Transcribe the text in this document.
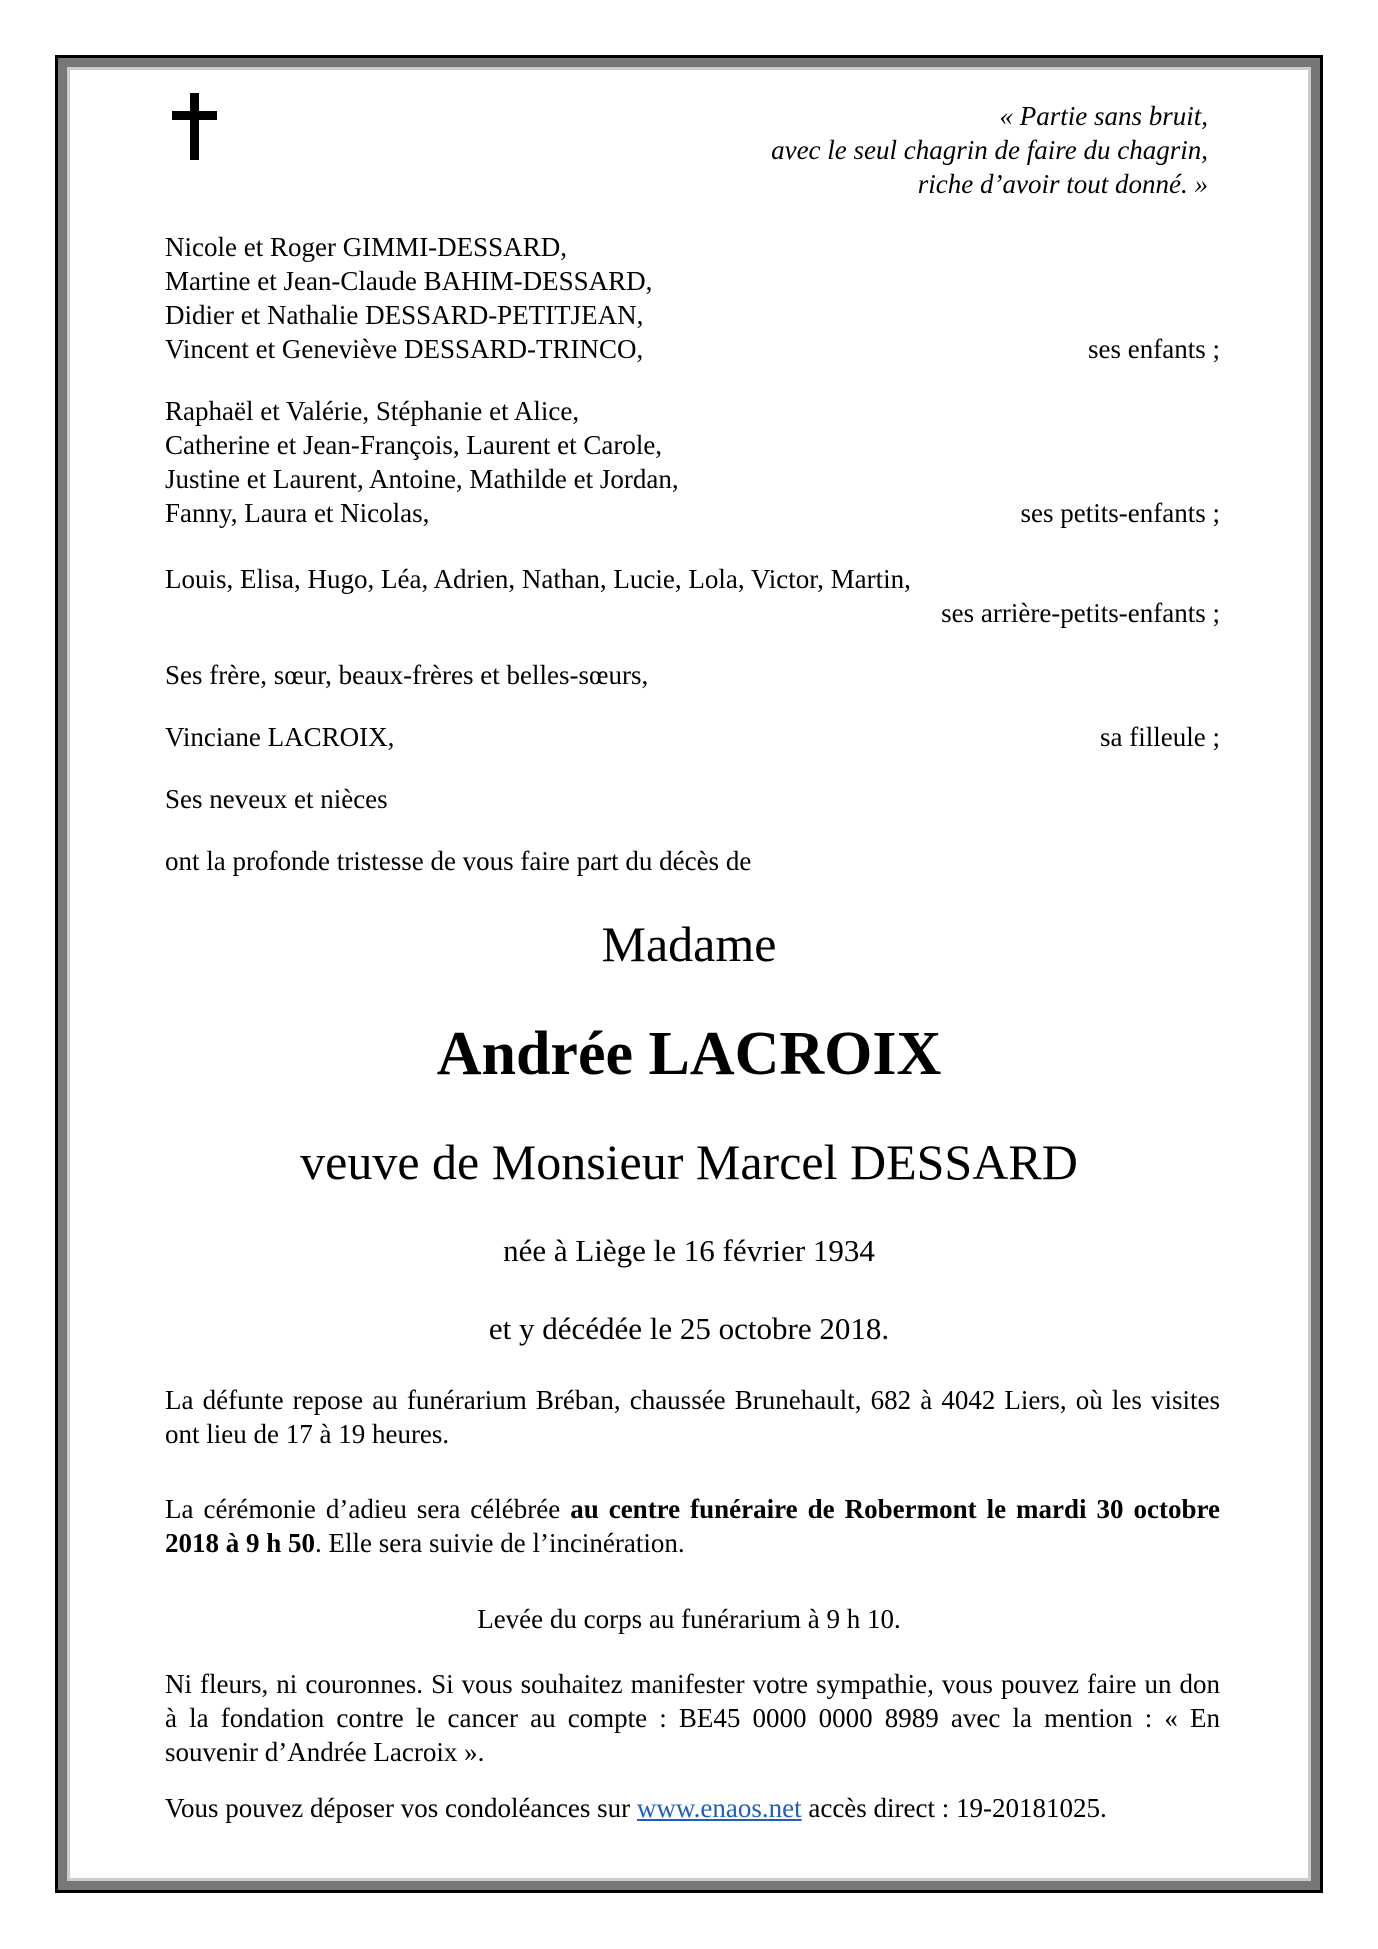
« Partie sans bruit,
avec le seul chagrin de faire du chagrin,
riche d’avoir tout donné. »
Nicole et Roger GIMMI-DESSARD,
Martine et Jean-Claude BAHIM-DESSARD,
Didier et Nathalie DESSARD-PETITJEAN,
Vincent et Geneviève DESSARD-TRINCO,	ses enfants ;
Raphaël et Valérie, Stéphanie et Alice,
Catherine et Jean-François, Laurent et Carole,
Justine et Laurent, Antoine, Mathilde et Jordan,
Fanny, Laura et Nicolas,	ses petits-enfants ;
Louis, Elisa, Hugo, Léa, Adrien, Nathan, Lucie, Lola, Victor, Martin,
ses arrière-petits-enfants ;
Ses frère, sœur, beaux-frères et belles-sœurs,
Vinciane LACROIX,	sa filleule ;
Ses neveux et nièces
ont la profonde tristesse de vous faire part du décès de
Madame
Andrée LACROIX
veuve de Monsieur Marcel DESSARD
née à Liège le 16 février 1934
et y décédée le 25 octobre 2018.
La défunte repose au funérarium Bréban, chaussée Brunehault, 682 à 4042 Liers, où les visites ont lieu de 17 à 19 heures.
La cérémonie d’adieu sera célébrée au centre funéraire de Robermont le mardi 30 octobre 2018 à 9 h 50. Elle sera suivie de l’incinération.
Levée du corps au funérarium à 9 h 10.
Ni fleurs, ni couronnes. Si vous souhaitez manifester votre sympathie, vous pouvez faire un don à la fondation contre le cancer au compte : BE45 0000 0000 8989 avec la mention : « En souvenir d’Andrée Lacroix ».
Vous pouvez déposer vos condoléances sur www.enaos.net accès direct : 19-20181025.
